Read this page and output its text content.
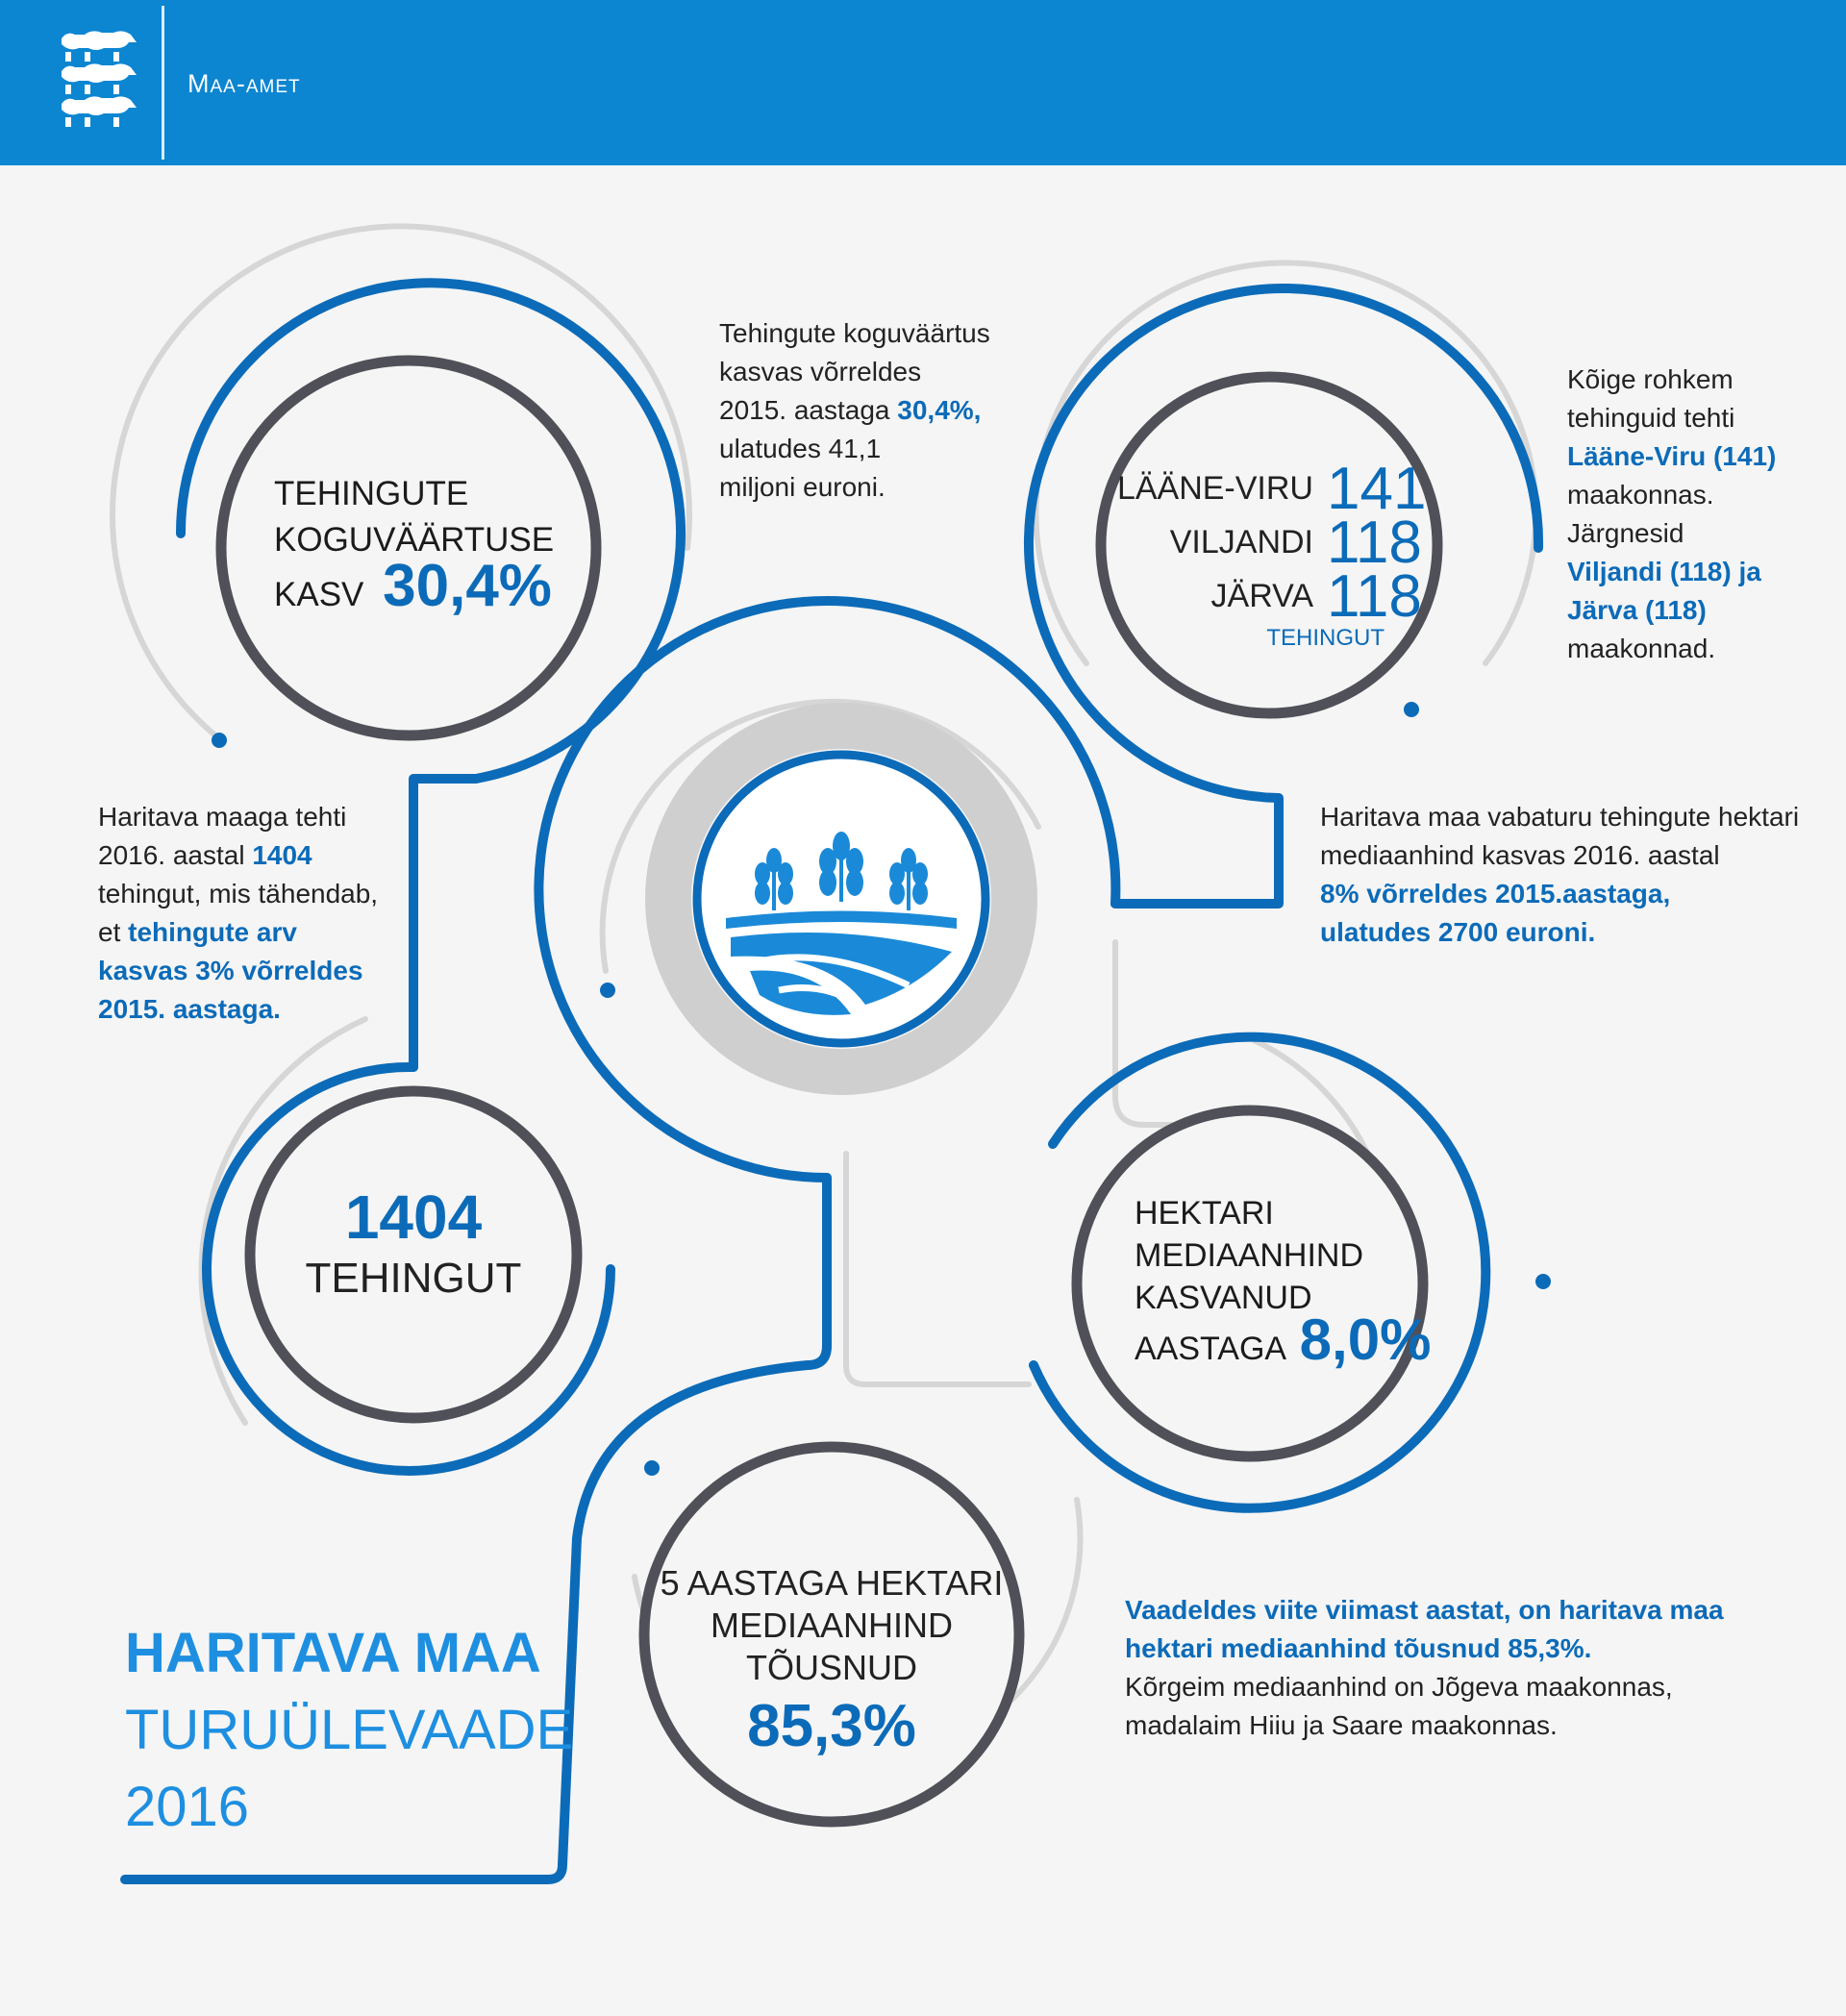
Maa-amet
TEHINGUTE
KOGUVÄÄRTUSE
KASV 30,4%
Tehingute koguväärtus
kasvas võrreldes
2015. aastaga 30,4%,
ulatudes 41,1
miljoni euroni.	LÄÄNE-VIRU 141
VILJANDI 118
JÄRVA 118
TEHINGUT
Kõige rohkem
tehinguid tehti
Lääne-Viru (141)
maakonnas.
Järgnesid
Viljandi (118) ja
Järva (118)
maakonnad.
Haritava maaga tehti
2016. aastal 1404
tehingut, mis tähendab,
et tehingute arv
kasvas 3% võrreldes
2015. aastaga.
Haritava maa vabaturu tehingute hektari
mediaanhind kasvas 2016. aastal
8% võrreldes 2015.aastaga,
ulatudes 2700 euroni.
1404
TEHINGUT
HEKTARI
MEDIAANHIND
KASVANUD
AASTAGA 8,0%
5 AASTAGA HEKTARI
MEDIAANHIND
TÕUSNUD
85,3%
Vaadeldes viite viimast aastat, on haritava maa
hektari mediaanhind tõusnud 85,3%.
Kõrgeim mediaanhind on Jõgeva maakonnas,
madalaim Hiiu ja Saare maakonnas.
HARITAVA MAA
TURUÜLEVAADE
2016
